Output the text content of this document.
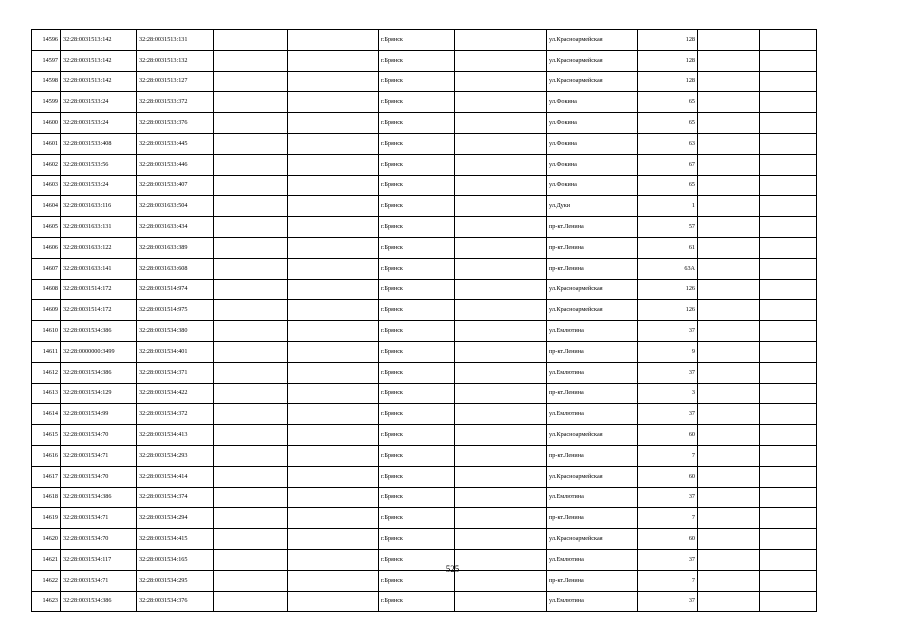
14596	32:28:0031513:142	32:28:0031513:131			г.Брянск		ул.Красноармейская	128		
14597	32:28:0031513:142	32:28:0031513:132			г.Брянск		ул.Красноармейская	128		
14598	32:28:0031513:142	32:28:0031513:127			г.Брянск		ул.Красноармейская	128		
14599	32:28:0031533:24	32:28:0031533:372			г.Брянск		ул.Фокина	65		
14600	32:28:0031533:24	32:28:0031533:376			г.Брянск		ул.Фокина	65		
14601	32:28:0031533:408	32:28:0031533:445			г.Брянск		ул.Фокина	63		
14602	32:28:0031533:56	32:28:0031533:446			г.Брянск		ул.Фокина	67		
14603	32:28:0031533:24	32:28:0031533:407			г.Брянск		ул.Фокина	65		
14604	32:28:0031633:116	32:28:0031633:504			г.Брянск		ул.Дуки	1		
14605	32:28:0031633:131	32:28:0031633:434			г.Брянск		пр-кт.Ленина	57		
14606	32:28:0031633:122	32:28:0031633:389			г.Брянск		пр-кт.Ленина	61		
14607	32:28:0031633:141	32:28:0031633:608			г.Брянск		пр-кт.Ленина	63А		
14608	32:28:0031514:172	32:28:0031514:974			г.Брянск		ул.Красноармейская	126		
14609	32:28:0031514:172	32:28:0031514:975			г.Брянск		ул.Красноармейская	126		
14610	32:28:0031534:386	32:28:0031534:380			г.Брянск		ул.Емлютина	37		
14611	32:28:0000000:3499	32:28:0031534:401			г.Брянск		пр-кт.Ленина	9		
14612	32:28:0031534:386	32:28:0031534:371			г.Брянск		ул.Емлютина	37		
14613	32:28:0031534:129	32:28:0031534:422			г.Брянск		пр-кт.Ленина	3		
14614	32:28:0031534:99	32:28:0031534:372			г.Брянск		ул.Емлютина	37		
14615	32:28:0031534:70	32:28:0031534:413			г.Брянск		ул.Красноармейская	60		
14616	32:28:0031534:71	32:28:0031534:293			г.Брянск		пр-кт.Ленина	7		
14617	32:28:0031534:70	32:28:0031534:414			г.Брянск		ул.Красноармейская	60		
14618	32:28:0031534:386	32:28:0031534:374			г.Брянск		ул.Емлютина	37		
14619	32:28:0031534:71	32:28:0031534:294			г.Брянск		пр-кт.Ленина	7		
14620	32:28:0031534:70	32:28:0031534:415			г.Брянск		ул.Красноармейская	60		
14621	32:28:0031534:117	32:28:0031534:165			г.Брянск		ул.Емлютина	37		
14622	32:28:0031534:71	32:28:0031534:295			г.Брянск		пр-кт.Ленина	7		
14623	32:28:0031534:386	32:28:0031534:376			г.Брянск		ул.Емлютина	37		
525
